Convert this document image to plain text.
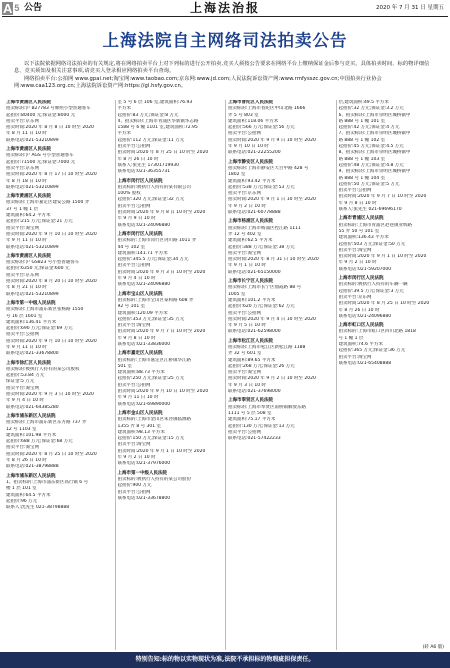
A 5 公告	上海法治报	2020 年 7 月 31 日 星期五
上海法院自主网络司法拍卖公告

以下法院依据网络司法拍卖的有关规定,将在网络拍卖平台上对下列标的进行公开拍卖,竞买人须按公告要求在网络平台上缴纳保证金后参与竞买。具体拍卖时间、标的物详细信息、竞买须知及相关注意事项,请竞买人登录相应网络拍卖平台查询。

网络拍卖平台:公拍网 www.gpai.net;淘宝网:www.taobao.com;京东网:www.jd.com;人民法院诉讼资产网:www.rmfysszc.gov.cn;中国拍卖行业协会网:www.caa123.org.cn;上海法院诉讼资产网:https://gl.hsfy.gov.cn。

上海市黄浦区人民法院

拍卖标的:沪 B27783 号牌照小型普通客车

起拍价:80400 元;保证金:8000 元

拍卖平台:京东网

拍卖时间:2020 年 8 月 8 日 10 时至 2020

年 8 月 11 日 10 时

联系电话:021-53210899

上海市黄浦区人民法院

拍卖标的:沪 AGS 号小型普通客车

起拍价:71500 元;保证金:7000 元

拍卖平台:京东网

拍卖时间:2020 年 8 月 17 日 10 时至 2020

年 8 月 18 日 10 时

联系电话:021-53210899

上海市黄浦区人民法院

拍卖标的:上海市嘉定区建安公路 1500 弄

37 号 1 幢 1 层

建筑面积:64.2 平方米

起拍价:215 万元;保证金:21 万元

拍卖平台:淘宝网

拍卖时间:2020 年 9 月 10 日 10 时至 2020

年 9 月 11 日 10 时

联系电话:021-53210899

上海市黄浦区人民法院

拍卖标的:沪 GS823 号小型普通客车

起拍价:6350 元;保证金:600 元

拍卖平台:京东网

拍卖时间:2020 年 8 月 20 日 10 时至 2020

年 8 月 21 日 10 时

联系电话:021-53210899

上海市第一中级人民法院

拍卖标的:上海市浦东新区张杨路 1550

号 16 层 1601 室

建筑面积:136.41 平方米

起拍价:690 万元;保证金:69 万元

拍卖平台:公拍网

拍卖时间:2020 年 9 月 10 日 10 时至 2020

年 9 月 11 日 10 时

联系电话:021-33678800

上海市徐汇区人民法院

拍卖标的:被执行人持有的某公司股权

起拍价:53.84 万元

保证金:5 万元

拍卖平台:淘宝网

拍卖时间:2020 年 9 月 3 日 10 时至 2020

年 9 月 4 日 10 时

联系电话:021-64385280

上海市浦东新区人民法院

拍卖标的:上海市浦东新区东方路 737 弄

12 号 1103 室

建筑面积:101.98 平方米

起拍价:688 万元;保证金:68 万元

拍卖平台:淘宝网

拍卖时间:2020 年 8 月 25 日 10 时至 2020

年 8 月 26 日 10 时

联系电话:021-38798888

上海市浦东新区人民法院

1、拍卖标的:上海市浦东新区高行镇 6 号

楼 1 层 101 室

建筑面积:64.5 平方米

起拍价:96 万元

联系人:沈先生 021-38798888

室 5 号 6 层 106 室,建筑面积:76.93

平方米

起拍价:83 万元;保证金:8 万元

4、拍卖标的:上海市青浦区华新镇华志路

1588 号 6 幢 1101 室,建筑面积:72.95

平方米

起拍价:112 万元;保证金:11 万元

拍卖平台:公拍网

拍卖时间:2020 年 8 月 25 日 10 时至 2020

年 8 月 26 日 10 时

联系人:张先生 17301719930

联系电话:021-36355731

上海市闵行区人民法院

拍卖标的:被执行人持有的某有限公司

100% 股权

起拍价:320 万元;保证金:32 万元

拍卖平台:公拍网

拍卖时间:2020 年 9 月 8 日 10 时至 2020

年 9 月 9 日 10 时

联系电话:021-24096880

上海市闵行区人民法院

拍卖标的:上海市闵行区剑川路 1011 弄

44 号 102 室

建筑面积:141.71 平方米

起拍价:345.5 万元;保证金:34 万元

拍卖平台:公拍网

拍卖时间:2020 年 9 月 3 日 10 时至 2020

年 9 月 4 日 10 时

联系电话:021-24096880

上海市宝山区人民法院

拍卖标的:上海市宝山区泰和路 608 弄

92 号 101 室

建筑面积:120.09 平方米

起拍价:353 万元;保证金:35 万元

拍卖平台:淘宝网

拍卖时间:2020 年 9 月 7 日 10 时至 2020

年 9 月 8 日 10 时

联系电话:021-33836000

上海市嘉定区人民法院

拍卖标的:上海市嘉定区江桥镇华江路

501 室

建筑面积:88.73 平方米

起拍价:250 万元;保证金:25 万元

拍卖平台:公拍网

拍卖时间:2020 年 9 月 10 日 10 时至 2020

年 9 月 11 日 10 时

联系电话:021-69890000

上海市金山区人民法院

拍卖标的:上海市金山区朱泾镇临源路

1355 弄 8 号 301 室

建筑面积:98.13 平方米

起拍价:150 万元;保证金:15 万元

拍卖平台:淘宝网

拍卖时间:2020 年 9 月 1 日 10 时至 2020

年 9 月 2 日 10 时

联系电话:021-37976000

上海市第一中级人民法院

拍卖标的:被执行人持有的某公司股份

起拍价:900 万元

拍卖平台:公拍网

联系电话:021-33678800

上海市普陀区人民法院

拍卖标的:上海市普陀区中山北路 1666

弄 5 号 803 室

建筑面积:118.06 平方米

起拍价:566 万元;保证金:56 万元

拍卖平台:公拍网

拍卖时间:2020 年 9 月 9 日 10 时至 2020

年 9 月 10 日 10 时

联系电话:021-22255200

上海市静安区人民法院

拍卖标的:上海市静安区天目中路 428 号

1802 室

建筑面积:93.42 平方米

起拍价:538 万元;保证金:53 万元

拍卖平台:京东网

拍卖时间:2020 年 9 月 1 日 10 时至 2020

年 9 月 2 日 10 时

联系电话:021-60778888

上海市杨浦区人民法院

拍卖标的:上海市杨浦区控江路 1111

弄 12 号 402 室

建筑面积:62.5 平方米

起拍价:388 万元;保证金:38 万元

拍卖平台:淘宝网

拍卖时间:2020 年 8 月 31 日 10 时至 2020

年 9 月 1 日 10 时

联系电话:021-65150000

上海市长宁区人民法院

拍卖标的:上海市长宁区仙霞路 88 号

1005 室

建筑面积:101.2 平方米

起拍价:620 万元;保证金:62 万元

拍卖平台:公拍网

拍卖时间:2020 年 9 月 4 日 10 时至 2020

年 9 月 5 日 10 时

联系电话:021-62598000

上海市松江区人民法院

拍卖标的:上海市松江区新松江路 1188

弄 32 号 601 室

建筑面积:89.65 平方米

起拍价:268 万元;保证金:26 万元

拍卖平台:淘宝网

拍卖时间:2020 年 9 月 2 日 10 时至 2020

年 9 月 3 日 10 时

联系电话:021-37698000

上海市奉贤区人民法院

拍卖标的:上海市奉贤区南桥镇解放东路

1111 号 5 层 508 室

建筑面积:75.17 平方米

起拍价:130 万元;保证金:13 万元

拍卖平台:公拍网

联系电话:021-57422233

层,建筑面积:49.5 平方米

起拍价:32 万元;保证金:3.2 万元

6、拍卖标的:上海市崇明区城桥镇中

路 888 号 1 幢 101 室

起拍价:42 万元;保证金:4 万元

7、拍卖标的:上海市崇明区城桥镇中

路 888 号 1 幢 102 室

起拍价:45 万元;保证金:4.5 万元

8、拍卖标的:上海市崇明区城桥镇中

路 888 号 1 幢 103 室

起拍价:48 万元;保证金:4.8 万元

9、拍卖标的:上海市崇明区城桥镇中

路 888 号 1 幢 104 室

起拍价:50 万元;保证金:5 万元

拍卖平台:公拍网

拍卖时间:2020 年 9 月 7 日 10 时至 2020

年 9 月 8 日 10 时

联系人:张先生 021-69696170

上海市青浦区人民法院

拍卖标的:上海市青浦区赵巷镇业辉路

55 弄 50 号 101 室

建筑面积:136.43 平方米

起拍价:503 万元;保证金:50 万元

拍卖平台:淘宝网

拍卖时间:2020 年 9 月 1 日 10 时至 2020

年 9 月 2 日 10 时

联系电话:021-59207000

上海市闵行区人民法院

拍卖标的:被执行人持有的车辆一辆

起拍价:39.5 万元;保证金:3 万元

拍卖平台:京东网

拍卖时间:2020 年 8 月 25 日 10 时至 2020

年 8 月 26 日 10 时

联系电话:021-24096880

上海市虹口区人民法院

拍卖标的:上海市虹口区四川北路 1818

号 1 幢 1 层

建筑面积:74.6 平方米

起拍价:365 万元;保证金:36 万元

拍卖平台:淘宝网

联系电话:021-65408888

(转 A6 版)
特别告知:标的物以实物现状为准,法院不承担标的物瑕疵担保责任。
